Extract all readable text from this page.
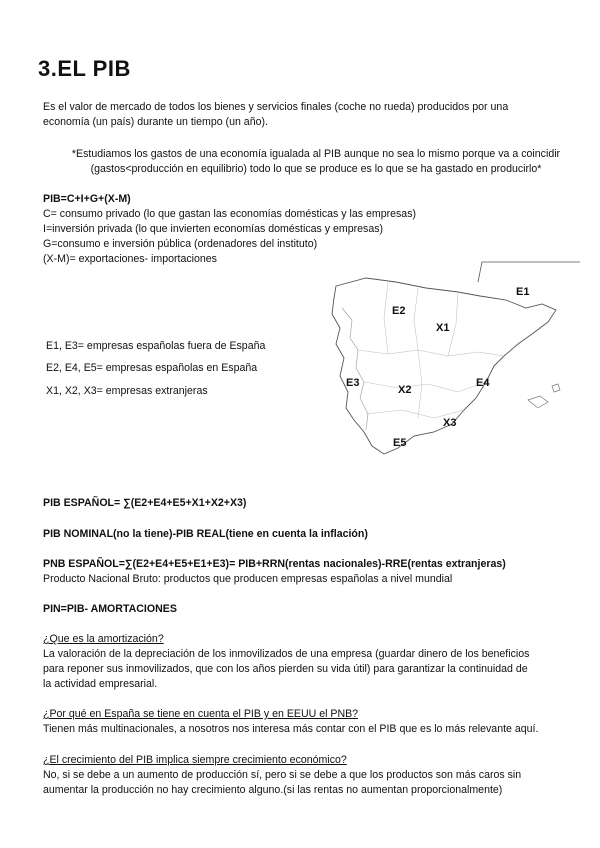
3.EL PIB
Es el valor de mercado de todos los bienes y servicios finales (coche no rueda) producidos por una
economía (un país) durante un tiempo (un año).
*Estudiamos los gastos de una economía igualada al PIB aunque no sea lo mismo porque va a coincidir
(gastos<producción en equilibrio) todo lo que se produce es lo que se ha gastado en producirlo*
PIB=C+I+G+(X-M)
C= consumo privado (lo que gastan las economías domésticas y las empresas)
I=inversión privada (lo que invierten economías domésticas y empresas)
G=consumo e inversión pública (ordenadores del instituto)
(X-M)= exportaciones- importaciones
E1, E3= empresas españolas fuera de España
E2, E4, E5= empresas españolas en España
X1, X2, X3= empresas extranjeras
E1
E2
X1
E3
X2
E4
X3
E5
PIB ESPAÑOL= ∑(E2+E4+E5+X1+X2+X3)
PIB NOMINAL(no la tiene)-PIB REAL(tiene en cuenta la inflación)
PNB ESPAÑOL=∑(E2+E4+E5+E1+E3)= PIB+RRN(rentas nacionales)-RRE(rentas extranjeras)
Producto Nacional Bruto: productos que producen empresas españolas a nivel mundial
PIN=PIB- AMORTACIONES
¿Que es la amortización?
La valoración de la depreciación de los inmovilizados de una empresa (guardar dinero de los beneficios
para reponer sus inmovilizados, que con los años pierden su vida útil) para garantizar la continuidad de
la actividad empresarial.
¿Por qué en España se tiene en cuenta el PIB y en EEUU el PNB?
Tienen más multinacionales, a nosotros nos interesa más contar con el PIB que es lo más relevante aquí.
¿El crecimiento del PIB implica siempre crecimiento económico?
No, si se debe a un aumento de producción sí, pero si se debe a que los productos son más caros sin
aumentar la producción no hay crecimiento alguno.(si las rentas no aumentan proporcionalmente)
